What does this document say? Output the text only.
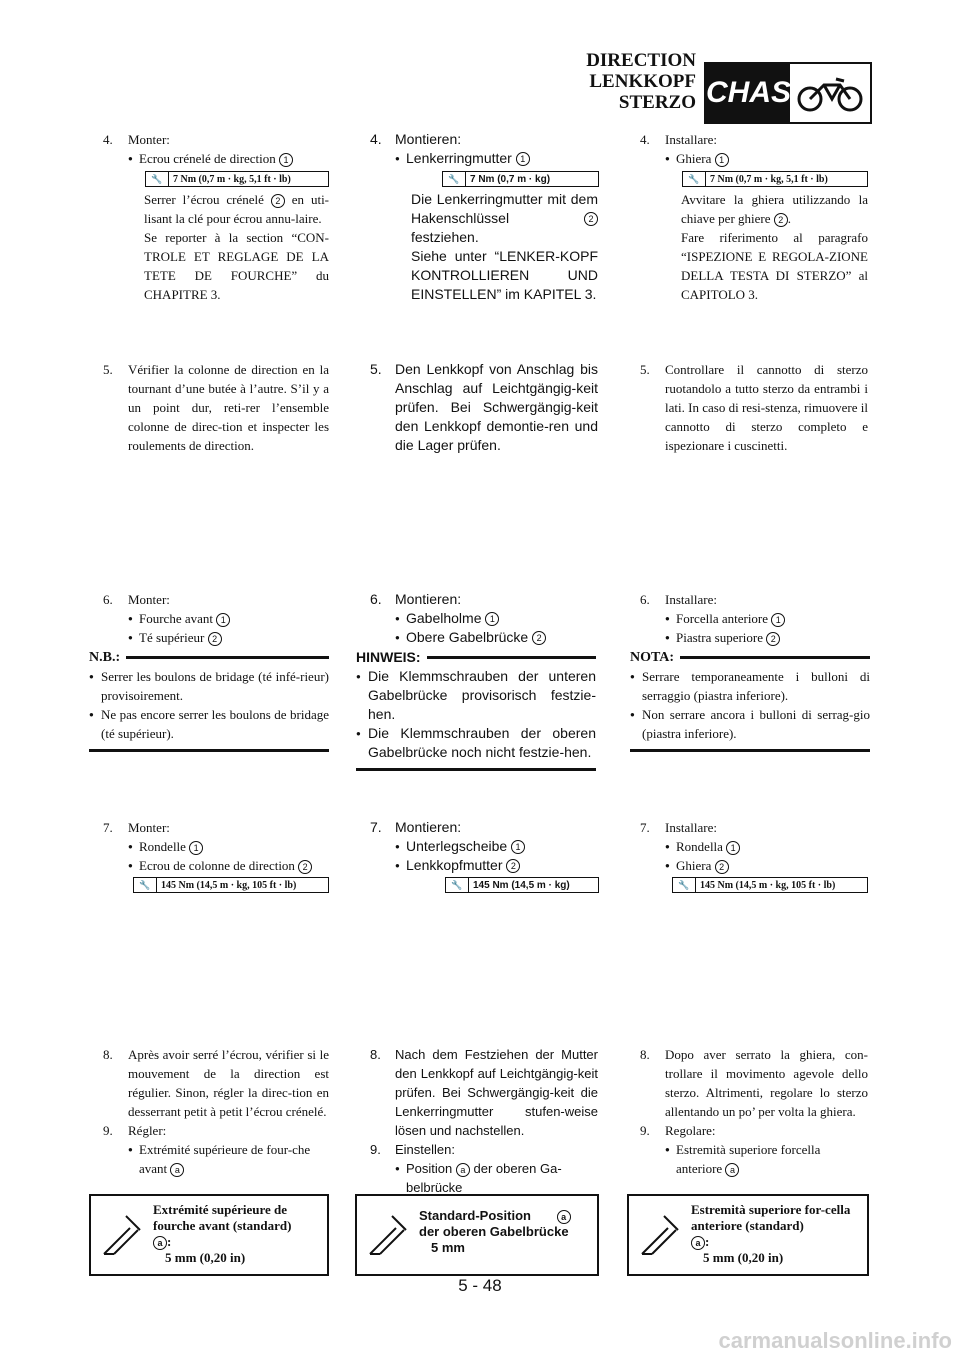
DIRECTION
LENKKOPF
STERZO CHAS
4. Monter:
● Ecrou crénelé de direction 1
🔧	7 Nm (0,7 m · kg, 5,1 ft · lb)
Serrer l’écrou crénelé 2 en uti-lisant la clé pour écrou annu-laire.
Se reporter à la section “CON-TROLE ET REGLAGE DE LA TETE DE FOURCHE” du CHAPITRE 3.
5. Vérifier la colonne de direction en la tournant d’une butée à l’autre. S’il y a un point dur, reti-rer l’ensemble colonne de direc-tion et inspecter les roulements de direction.
6. Monter:
● Fourche avant 1
● Té supérieur 2
N.B.:
● Serrer les boulons de bridage (té infé-rieur) provisoirement.
● Ne pas encore serrer les boulons de bridage (té supérieur).
7. Monter:
● Rondelle 1
● Ecrou de colonne de direction 2
🔧	145 Nm (14,5 m · kg, 105 ft · lb)
8. Après avoir serré l’écrou, vérifier si le mouvement de la direction est régulier. Sinon, régler la direc-tion en desserrant petit à petit l’écrou crénelé.
9. Régler:
● Extrémité supérieure de four-che avant a
Extrémité supérieure de fourche avant (standard)
a :
5 mm (0,20 in)
4. Montieren:
● Lenkerringmutter 1
🔧	7 Nm (0,7 m · kg)
Die Lenkerringmutter mit dem Hakenschlüssel	2 festziehen.
Siehe unter “LENKER-KOPF KONTROLLIEREN UND EINSTELLEN” im KAPITEL 3.
5. Den Lenkkopf von Anschlag bis Anschlag auf Leichtgängig-keit prüfen. Bei Schwergängig-keit den Lenkkopf demontie-ren und die Lager prüfen.
6. Montieren:
● Gabelholme 1
● Obere Gabelbrücke 2
HINWEIS:
● Die Klemmschrauben der unteren Gabelbrücke provisorisch festzie-hen.
● Die Klemmschrauben der oberen Gabelbrücke noch nicht festzie-hen.
7. Montieren:
● Unterlegscheibe 1
● Lenkkopfmutter 2
🔧	145 Nm (14,5 m · kg)
8. Nach dem Festziehen der Mutter den Lenkkopf auf Leichtgängig-keit prüfen. Bei Schwergängig-keit die Lenkerringmutter stufen-weise lösen und nachstellen.
9. Einstellen:
● Position a der oberen Ga-belbrücke
Standard-Position	a
der oberen Gabelbrücke
5 mm
4. Installare:
● Ghiera 1
🔧	7 Nm (0,7 m · kg, 5,1 ft · lb)
Avvitare la ghiera utilizzando la chiave per ghiere 2 .
Fare riferimento al paragrafo “ISPEZIONE E REGOLA-ZIONE DELLA TESTA DI STERZO” al CAPITOLO 3.
5. Controllare il cannotto di sterzo ruotandolo a tutto sterzo da entrambi i lati. In caso di resi-stenza, rimuovere il cannotto di sterzo completo e ispezionare i cuscinetti.
6. Installare:
● Forcella anteriore 1
● Piastra superiore 2
NOTA:
● Serrare temporaneamente i bulloni di serraggio (piastra inferiore).
● Non serrare ancora i bulloni di serrag-gio (piastra inferiore).
7. Installare:
● Rondella 1
● Ghiera 2
🔧	145 Nm (14,5 m · kg, 105 ft · lb)
8. Dopo aver serrato la ghiera, con-trollare il movimento agevole dello sterzo. Altrimenti, regolare lo sterzo allentando un po’ per volta la ghiera.
9. Regolare:
● Estremità superiore forcella anteriore a
Estremità superiore for-cella anteriore (standard)
a :
5 mm (0,20 in)
5 - 48
carmanualsonline.info
